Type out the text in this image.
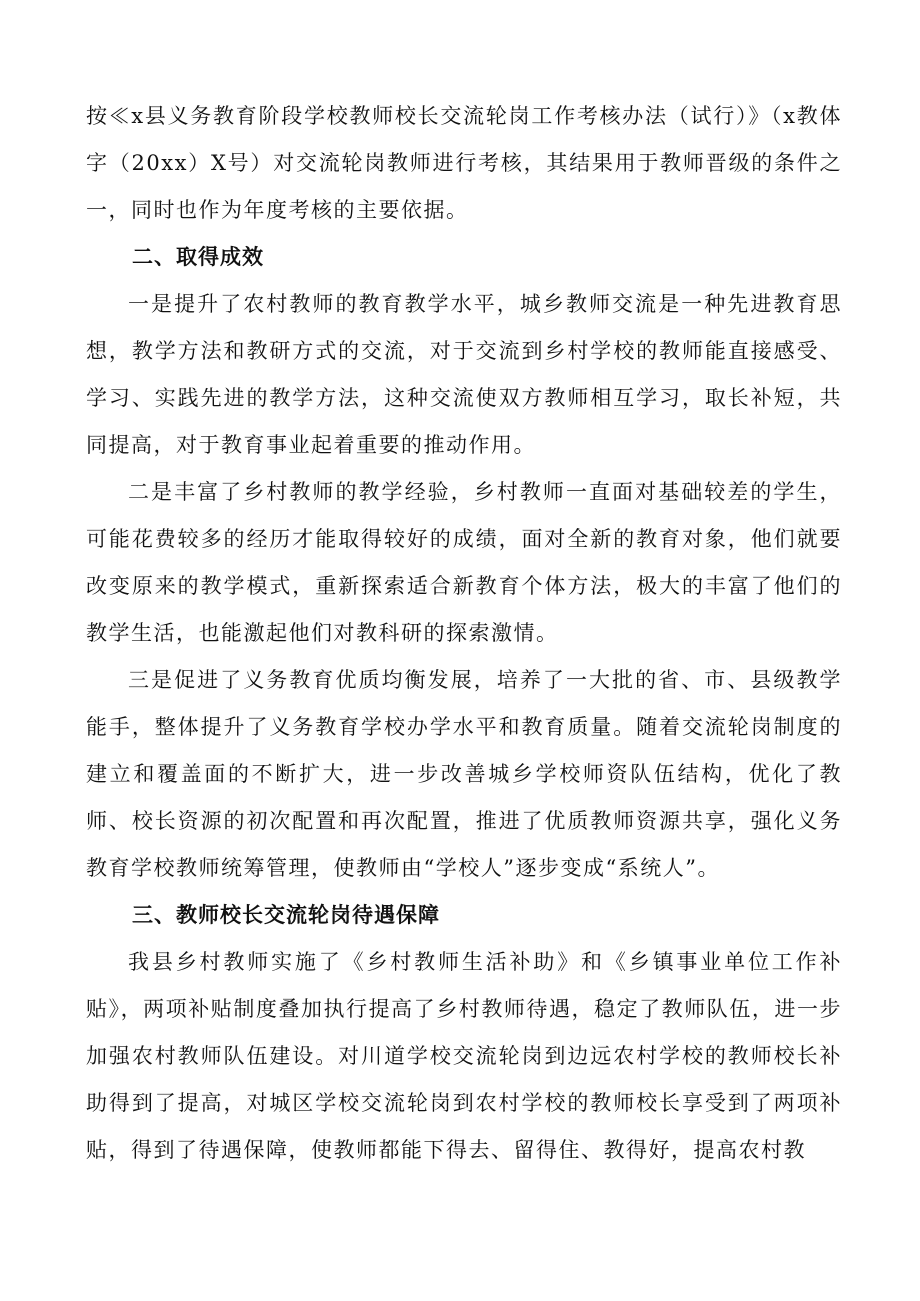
按≪x县义务教育阶段学校教师校长交流轮岗工作考核办法（试行）》（x教体字（20xx）X号）对交流轮岗教师进行考核，其结果用于教师晋级的条件之一，同时也作为年度考核的主要依据。

二、取得成效

一是提升了农村教师的教育教学水平，城乡教师交流是一种先进教育思想，教学方法和教研方式的交流，对于交流到乡村学校的教师能直接感受、学习、实践先进的教学方法，这种交流使双方教师相互学习，取长补短，共同提高，对于教育事业起着重要的推动作用。

二是丰富了乡村教师的教学经验，乡村教师一直面对基础较差的学生，可能花费较多的经历才能取得较好的成绩，面对全新的教育对象，他们就要改变原来的教学模式，重新探索适合新教育个体方法，极大的丰富了他们的教学生活，也能激起他们对教科研的探索激情。

三是促进了义务教育优质均衡发展，培养了一大批的省、市、县级教学能手，整体提升了义务教育学校办学水平和教育质量。随着交流轮岗制度的建立和覆盖面的不断扩大，进一步改善城乡学校师资队伍结构，优化了教师、校长资源的初次配置和再次配置，推进了优质教师资源共享，强化义务教育学校教师统筹管理，使教师由“学校人”逐步变成“系统人”。

三、教师校长交流轮岗待遇保障

我县乡村教师实施了《乡村教师生活补助》和《乡镇事业单位工作补贴》，两项补贴制度叠加执行提高了乡村教师待遇，稳定了教师队伍，进一步加强农村教师队伍建设。对川道学校交流轮岗到边远农村学校的教师校长补助得到了提高，对城区学校交流轮岗到农村学校的教师校长享受到了两项补贴，得到了待遇保障，使教师都能下得去、留得住、教得好，提高农村教
